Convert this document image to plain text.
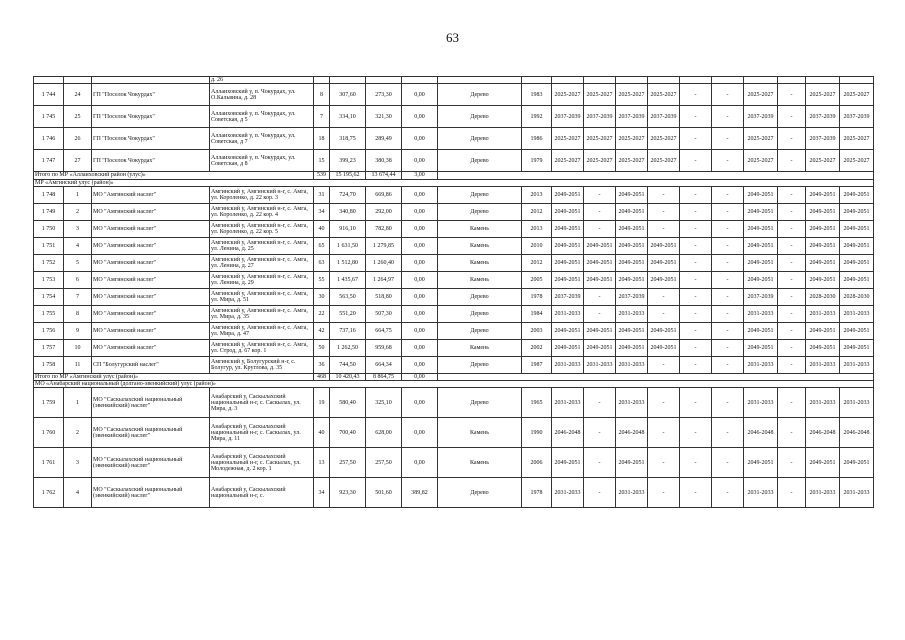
63
			д. 26																
1 744	24	ГП "Поселок Чокурдах"	Аллаиховский у, п. Чокурдах, ул. О.Кальвина, д. 28	8	307,60	273,30	0,00	Дерево	1983	2025-2027	2025-2027	2025-2027	2025-2027	-	-	2025-2027	-	2025-2027	2025-2027
1 745	25	ГП "Поселок Чокурдах"	Аллаиховский у, п. Чокурдах, ул. Советская, д 5	7	334,10	321,30	0,00	Дерево	1992	2037-2039	2037-2039	2037-2039	2037-2039	-	-	2037-2039	-	2037-2039	2037-2039
1 746	26	ГП "Поселок Чокурдах"	Аллаиховский у, п. Чокурдах, ул. Советская, д 7	18	318,75	289,49	0,00	Дерево	1986	2025-2027	2025-2027	2025-2027	2025-2027	-	-	2025-2027	-	2037-2039	2025-2027
1 747	27	ГП "Поселок Чокурдах"	Аллаиховский у, п. Чокурдах, ул. Советская, д 8	15	399,23	380,38	0,00	Дерево	1979	2025-2027	2025-2027	2025-2027	2025-2027	-	-	2025-2027	-	2025-2027	2025-2027
Итого по МР «Аллаиховский район (улус)»				539	15 195,62	13 674,44	3,00												
МР «Амгинский улус (район)»																			
1 748	1	МО "Амгинский наслег"	Амгинский у, Амгинский н-г, с. Амга, ул. Короленко, д. 22 кор. 3	31	724,70	669,86	0,00	Дерево	2013	2049-2051	-	2049-2051	-	-	-	2049-2051	-	2049-2051	2049-2051
1 749	2	МО "Амгинский наслег"	Амгинский у, Амгинский н-г, с. Амга, ул. Короленко, д. 22 кор. 4	34	340,80	292,00	0,00	Дерево	2012	2049-2051	-	2049-2051	-	-	-	2049-2051	-	2049-2051	2049-2051
1 750	3	МО "Амгинский наслег"	Амгинский у, Амгинский н-г, с. Амга, ул. Короленко, д. 22 кор. 5	40	916,10	782,80	0,00	Камень	2013	2049-2051	-	2049-2051	-	-	-	2049-2051	-	2049-2051	2049-2051
1 751	4	МО "Амгинский наслег"	Амгинский у, Амгинский н-г, с. Амга, ул. Ленина, д. 25	65	1 631,50	1 279,85	0,00	Камень	2010	2049-2051	2049-2051	2049-2051	2049-2051	-	-	2049-2051	-	2049-2051	2049-2051
1 752	5	МО "Амгинский наслег"	Амгинский у, Амгинский н-г, с. Амга, ул. Ленина, д. 27	63	1 512,80	1 260,40	0,00	Камень	2012	2049-2051	2049-2051	2049-2051	2049-2051	-	-	2049-2051	-	2049-2051	2049-2051
1 753	6	МО "Амгинский наслег"	Амгинский у, Амгинский н-г, с. Амга, ул. Ленина, д. 29	55	1 435,67	1 264,97	0,00	Камень	2005	2049-2051	2049-2051	2049-2051	2049-2051	-	-	2049-2051	-	2049-2051	2049-2051
1 754	7	МО "Амгинский наслег"	Амгинский у, Амгинский н-г, с. Амга, ул. Мира, д. 51	30	563,50	518,80	0,00	Дерево	1978	2037-2039	-	2037-2039	-	-	-	2037-2039	-	2028-2030	2028-2030
1 755	8	МО "Амгинский наслег"	Амгинский у, Амгинский н-г, с. Амга, ул. Мира, д. 35	22	551,20	507,30	0,00	Дерево	1984	2031-2033	-	2031-2033	-	-	-	2031-2033	-	2031-2033	2031-2033
1 756	9	МО "Амгинский наслег"	Амгинский у, Амгинский н-г, с. Амга, ул. Мира, д. 47	42	737,16	664,75	0,00	Дерево	2003	2049-2051	2049-2051	2049-2051	2049-2051	-	-	2049-2051	-	2049-2051	2049-2051
1 757	10	МО "Амгинский наслег"	Амгинский у, Амгинский н-г, с. Амга, ул. Строд, д. 67 кор. 1	50	1 262,50	959,68	0,00	Камень	2002	2049-2051	2049-2051	2049-2051	2049-2051	-	-	2049-2051	-	2049-2051	2049-2051
1 758	11	СП "Болугурский наслег"	Амгинский у, Болугурский н-г, с. Болугур, ул. Круглова, д. 35	36	744,50	664,34	0,00	Дерево	1987	2031-2033	2031-2033	2031-2033	-	-	-	2031-2033	-	2031-2033	2031-2033
Итого по МР «Амгинский улус (район)»				468	10 420,43	8 864,75	0,00												
МО «Анабарский национальный (долгано-эвенкийский) улус (район)»																			
1 759	1	МО "Саскылахский национальный (эвенкийский) наслег"	Анабарский у, Саскылахский национальный н-г, с. Саскылах, ул. Мира, д. 3	19	580,40	325,10	0,00	Дерево	1965	2031-2033	-	2031-2033	-	-	-	2031-2033	-	2031-2033	2031-2033
1 760	2	МО "Саскылахский национальный (эвенкийский) наслег"	Анабарский у, Саскылахский национальный н-г, с. Саскылах, ул. Мира, д. 11	40	700,40	628,00	0,00	Камень	1990	2046-2048	-	2046-2048	-	-	-	2046-2048	-	2046-2048	2046-2048
1 761	3	МО "Саскылахский национальный (эвенкийский) наслег"	Анабарский у, Саскылахский национальный н-г, с. Саскылах, ул. Молодежная, д. 2 кор. 1	13	257,50	257,50	0,00	Камень	2006	2049-2051	-	2049-2051	-	-	-	2049-2051	-	2049-2051	2049-2051
1 762	4	МО "Саскылахский национальный (эвенкийский) наслег"	Анабарский у, Саскылахский национальный н-г, с.	34	923,30	501,60	389,82	Дерево	1978	2031-2033	-	2031-2033	-	-	-	2031-2033	-	2031-2033	2031-2033
